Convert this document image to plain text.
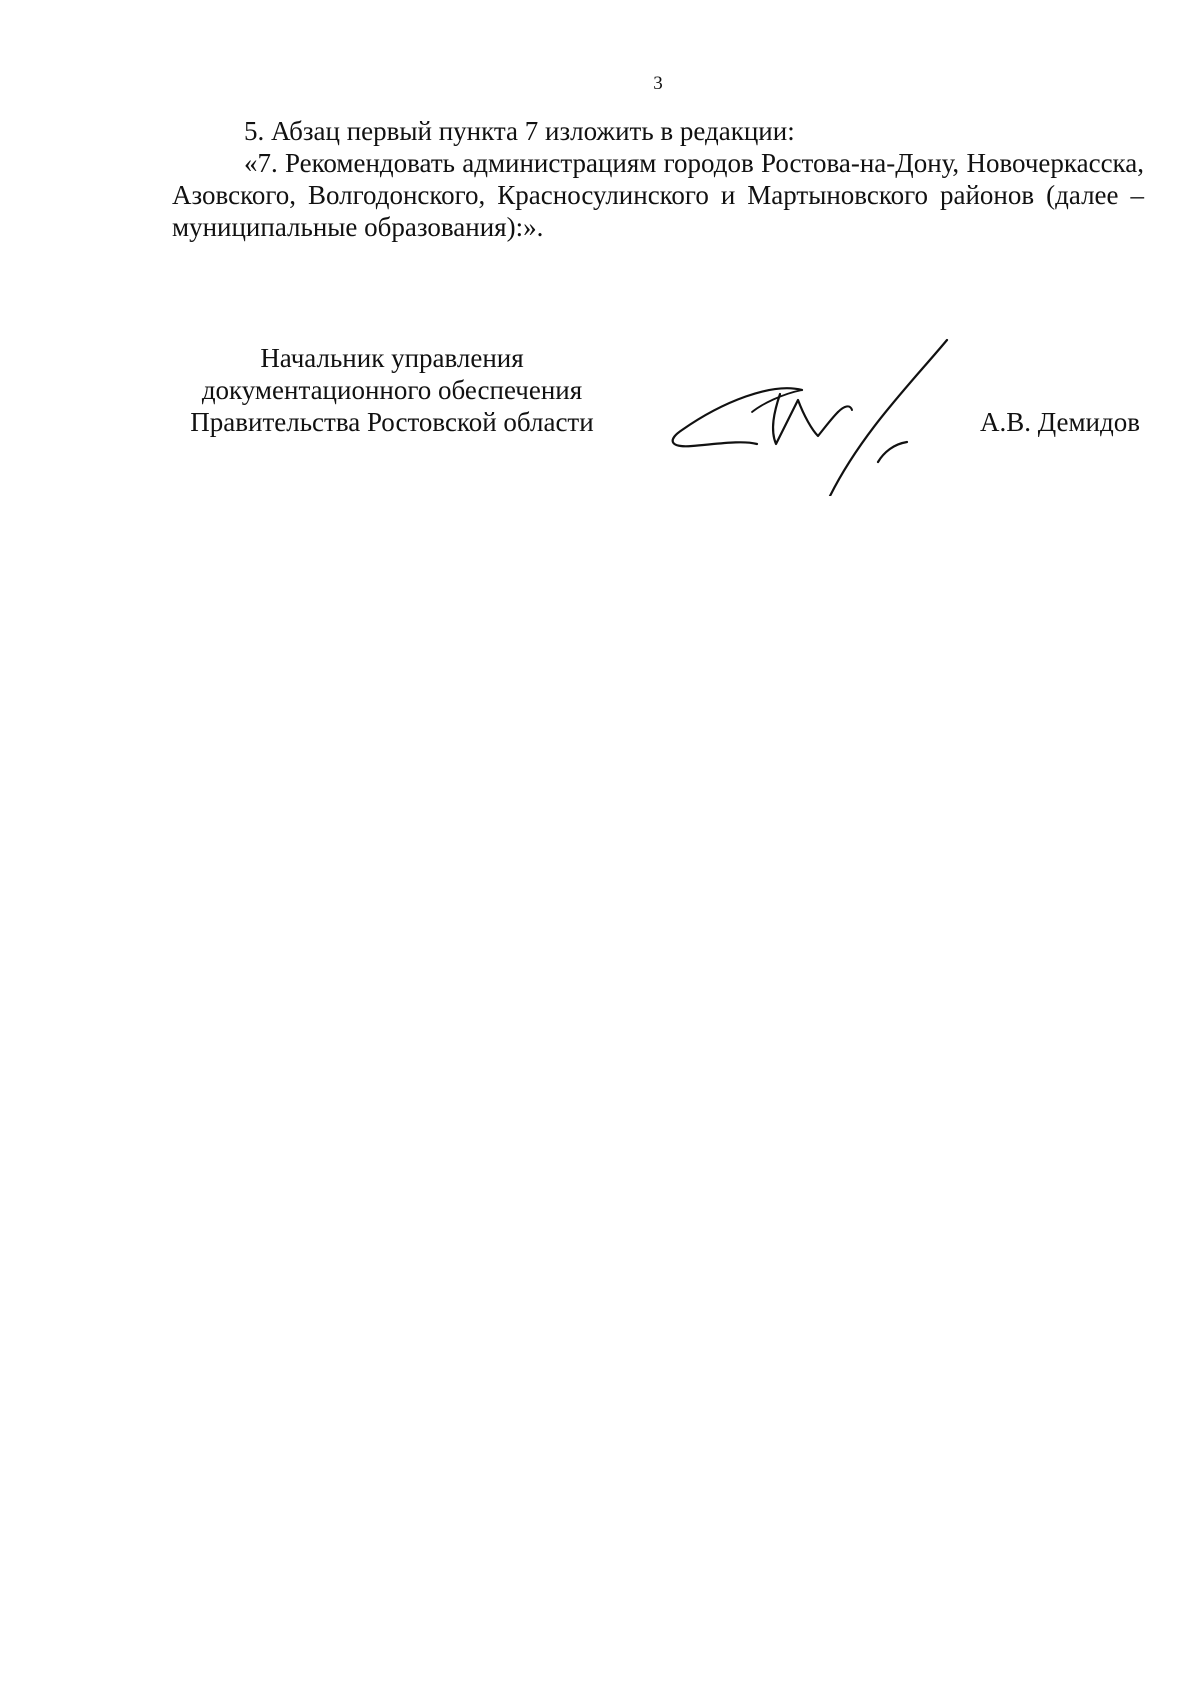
3

5. Абзац первый пункта 7 изложить в редакции:

«7. Рекомендовать администрациям городов Ростова-на-Дону, Новочеркасска, Азовского, Волгодонского, Красносулинского и Мартыновского районов (далее – муниципальные образования):».

Начальник управления
документационного обеспечения
Правительства Ростовской области	А.В. Демидов
